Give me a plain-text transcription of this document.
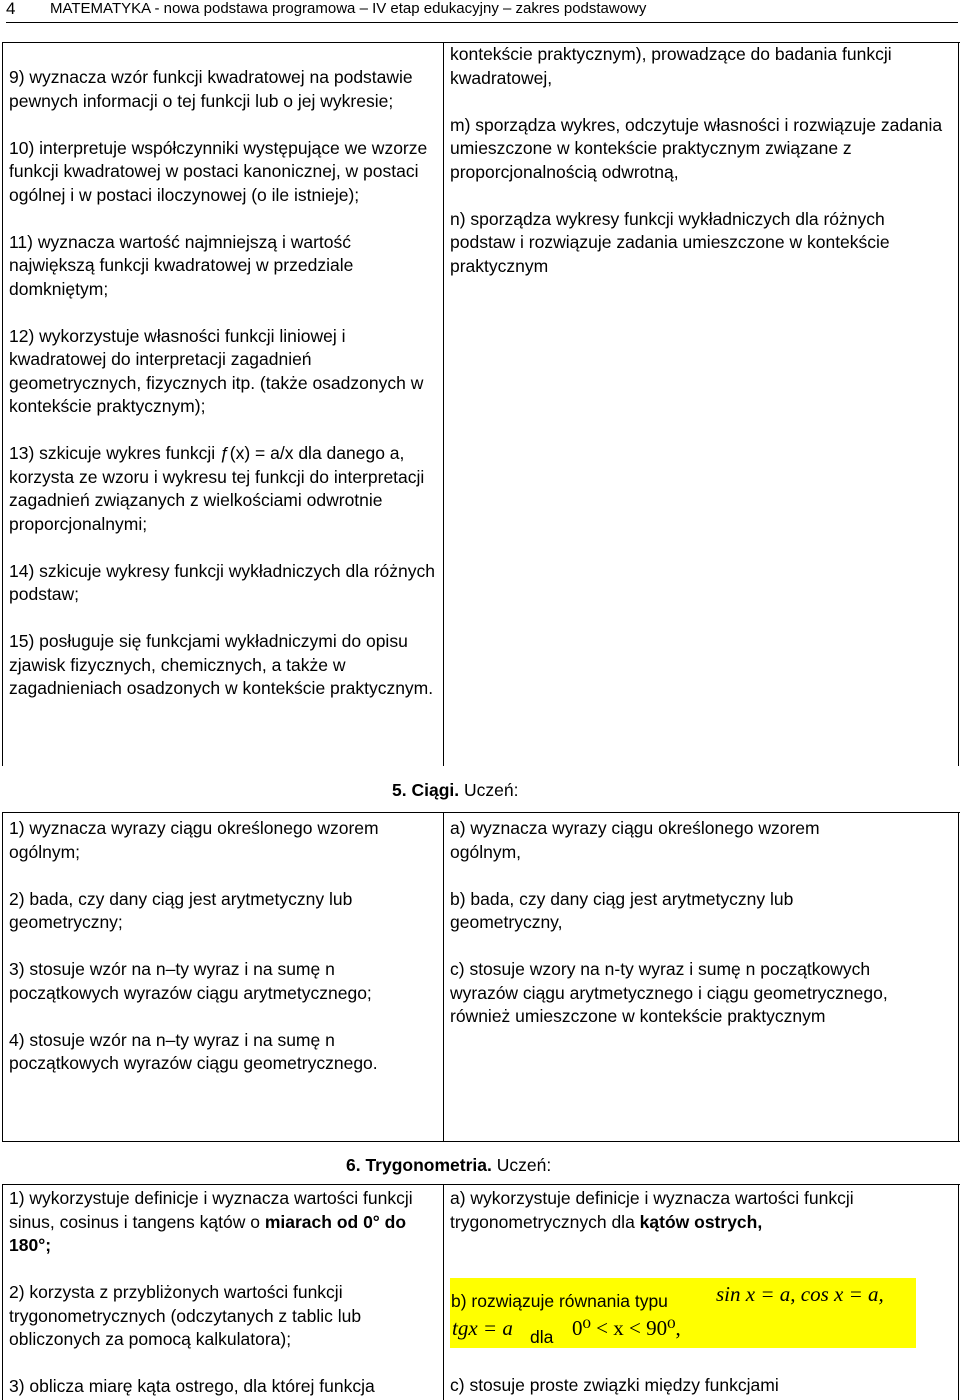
4 MATEMATYKA - nowa podstawa programowa – IV etap edukacyjny – zakres podstawowy
9) wyznacza wzór funkcji kwadratowej na podstawie pewnych informacji o tej funkcji lub o jej wykresie;
10) interpretuje współczynniki występujące we wzorze funkcji kwadratowej w postaci kanonicznej, w postaci ogólnej i w postaci iloczynowej (o ile istnieje);
11) wyznacza wartość najmniejszą i wartość największą funkcji kwadratowej w przedziale domkniętym;
12) wykorzystuje własności funkcji liniowej i kwadratowej do interpretacji zagadnień geometrycznych, fizycznych itp. (także osadzonych w kontekście praktycznym);
13) szkicuje wykres funkcji ƒ(x) = a/x dla danego a, korzysta ze wzoru i wykresu tej funkcji do interpretacji zagadnień związanych z wielkościami odwrotnie proporcjonalnymi;
14) szkicuje wykresy funkcji wykładniczych dla różnych podstaw;
15) posługuje się funkcjami wykładniczymi do opisu zjawisk fizycznych, chemicznych, a także w zagadnieniach osadzonych w kontekście praktycznym.
kontekście praktycznym), prowadzące do badania funkcji kwadratowej,
m) sporządza wykres, odczytuje własności i rozwiązuje zadania umieszczone w kontekście praktycznym związane z proporcjonalnością odwrotną,
n) sporządza wykresy funkcji wykładniczych dla różnych podstaw i rozwiązuje zadania umieszczone w kontekście praktycznym
5. Ciągi. Uczeń:
1) wyznacza wyrazy ciągu określonego wzorem ogólnym;
2) bada, czy dany ciąg jest arytmetyczny lub geometryczny;
3) stosuje wzór na n–ty wyraz i na sumę n początkowych wyrazów ciągu arytmetycznego;
4) stosuje wzór na n–ty wyraz i na sumę n początkowych wyrazów ciągu geometrycznego.
a) wyznacza wyrazy ciągu określonego wzorem ogólnym,
b) bada, czy dany ciąg jest arytmetyczny lub geometryczny,
c) stosuje wzory na n-ty wyraz i sumę n początkowych wyrazów ciągu arytmetycznego i ciągu geometrycznego, również umieszczone w kontekście praktycznym
6. Trygonometria. Uczeń:
1) wykorzystuje definicje i wyznacza wartości funkcji sinus, cosinus i tangens kątów o miarach od 0° do 180°;
2) korzysta z przybliżonych wartości funkcji trygonometrycznych (odczytanych z tablic lub obliczonych za pomocą kalkulatora);
3) oblicza miarę kąta ostrego, dla której funkcja
a) wykorzystuje definicje i wyznacza wartości funkcji trygonometrycznych dla kątów ostrych,
b) rozwiązuje równania typu sin x = a, cos x = a,
tgx = a dla 0⁰ < x < 90⁰,
c) stosuje proste związki między funkcjami
